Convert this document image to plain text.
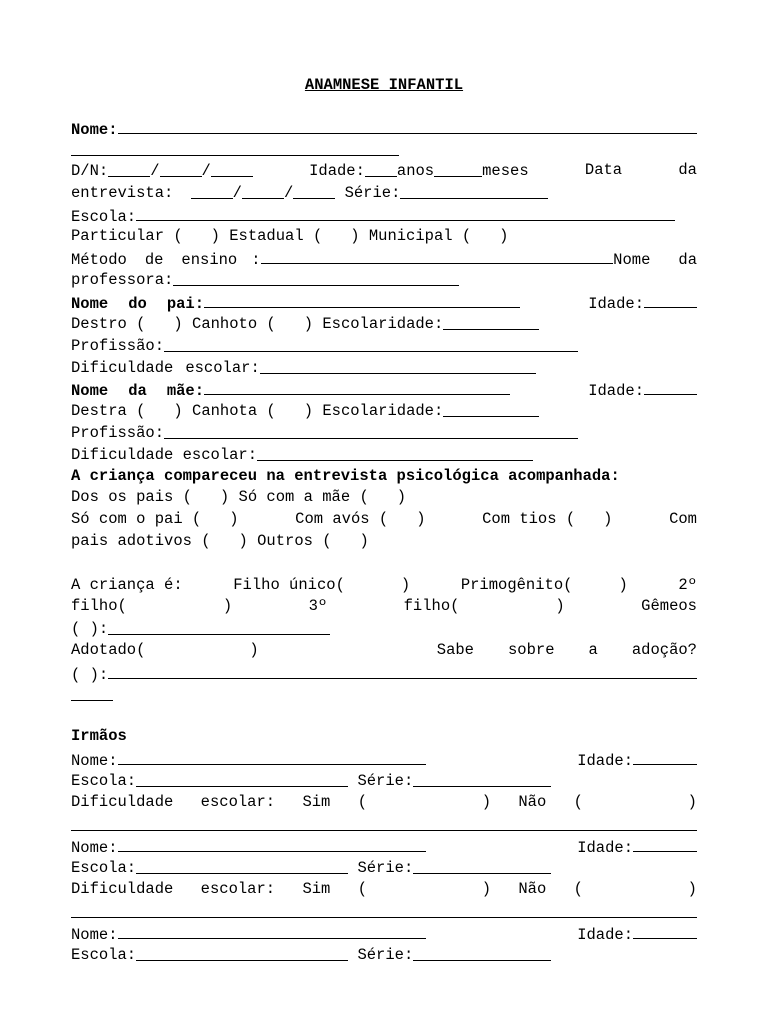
ANAMNESE INFANTIL
Nome:
D/N:	/	/	Idade: anos	meses	Data	da
entrevista:	/	/	Série:
Escola:
Particular ( ) Estadual ( ) Municipal ( )
Método de ensino :	Nome da
professora:
Nome do pai:	Idade:
Destro ( ) Canhoto ( ) Escolaridade:
Profissão:
Dificuldade escolar:
Nome da mãe:	Idade:
Destra ( ) Canhota ( ) Escolaridade:
Profissão:
Dificuldade escolar:
A criança compareceu na entrevista psicológica acompanhada:
Dos os pais ( ) Só com a mãe ( )
Só com o pai ( )	Com avós ( )	Com tios ( )	Com
pais adotivos ( ) Outros ( )
A criança é:	Filho único(	)	Primogênito(	)	2º
filho(	)	3º	filho(	)	Gêmeos
( ):
Adotado(	)	Sabe sobre a adoção?
( ):
Irmãos
Nome:	Idade:
Escola:	Série:
Dificuldade escolar: Sim (	) Não (	)
Nome:	Idade:
Escola:	Série:
Dificuldade escolar: Sim (	) Não (	)
Nome:	Idade:
Escola:	Série:
